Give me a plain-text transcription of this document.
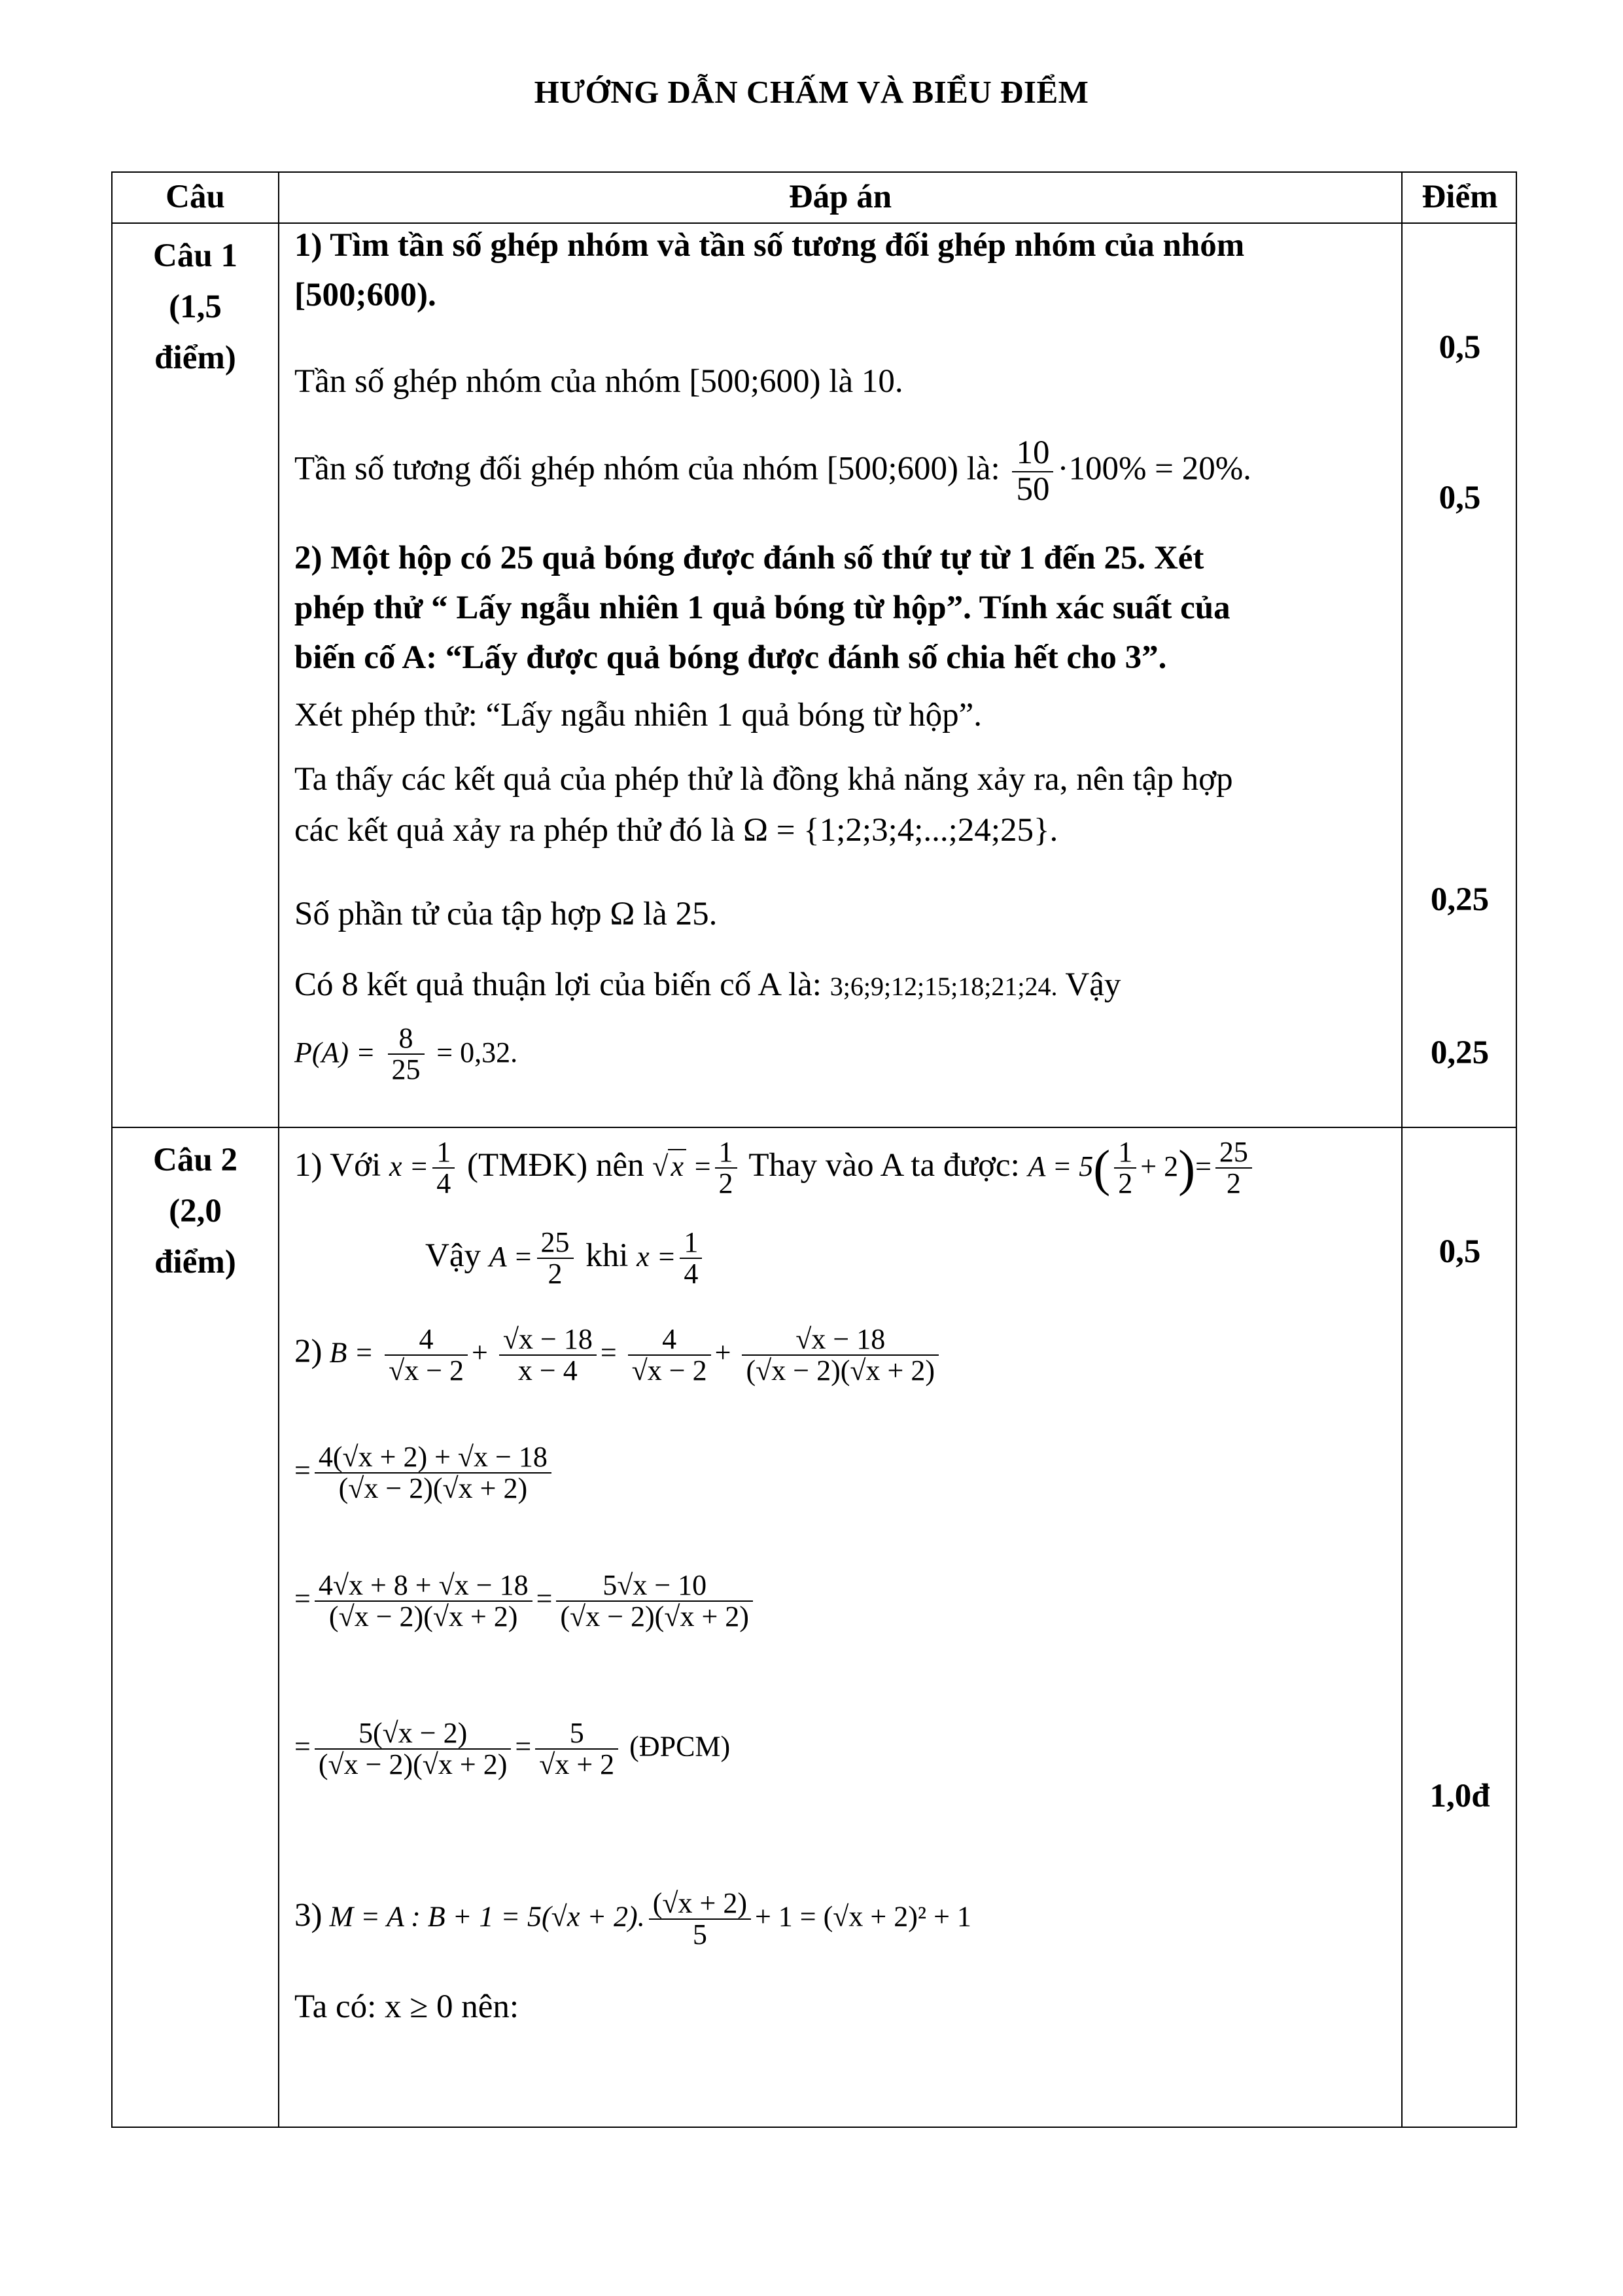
HƯỚNG DẪN CHẤM VÀ BIỂU ĐIỂM
Câu	Đáp án	Điểm
Câu 1
(1,5
điểm)
1) Tìm tần số ghép nhóm và tần số tương đối ghép nhóm của nhóm
[500;600).
Tần số ghép nhóm của nhóm [500;600) là 10.
Tần số tương đối ghép nhóm của nhóm [500;600) là: $\frac{10}{50} \cdot 100\% = 20\%$.
2) Một hộp có 25 quả bóng được đánh số thứ tự từ 1 đến 25. Xét
phép thử “ Lấy ngẫu nhiên 1 quả bóng từ hộp”. Tính xác suất của
biến cố A: “Lấy được quả bóng được đánh số chia hết cho 3”.
Xét phép thử: “Lấy ngẫu nhiên 1 quả bóng từ hộp”.
Ta thấy các kết quả của phép thử là đồng khả năng xảy ra, nên tập hợp
các kết quả xảy ra phép thử đó là Ω = {1;2;3;4;...;24;25}.
Số phần tử của tập hợp Ω là 25.
Có 8 kết quả thuận lợi của biến cố A là: 3;6;9;12;15;18;21;24. Vậy
$P(A) = \frac{8}{25} = 0,32$.
0,5
0,5
0,25
0,25
Câu 2
(2,0
điểm)
1) Với $x = \frac{1}{4}$ (TMĐK) nên $√x = \frac{1}{2}$ Thay vào A ta được: $A = 5( \frac{1}{2} + 2)= \frac{25}{2}$
Vậy $A = \frac{25}{2}$ khi $x = \frac{1}{4}$
2) $B = \frac{4}{√x - 2} + \frac{√x - 18}{x - 4} = \frac{4}{√x - 2} + \frac{√x - 18}{(√x - 2)(√x + 2)}$
= $\frac{4(√x + 2) + √x - 18}{(√x - 2)(√x + 2)}$
= $\frac{4√x + 8 + √x - 18}{(√x - 2)(√x + 2)} = \frac{5√x - 10}{(√x - 2)(√x + 2)}$
= $\frac{5(√x - 2)}{(√x - 2)(√x + 2)} = \frac{5}{√x + 2}$ (ĐPCM)
3) M = A : B + 1 = 5(√x + 2). $\frac{(√x + 2)}{5} + 1 = (√x + 2)^2 + 1$
Ta có: x ≥ 0 nên:
0,5
1,0đ
